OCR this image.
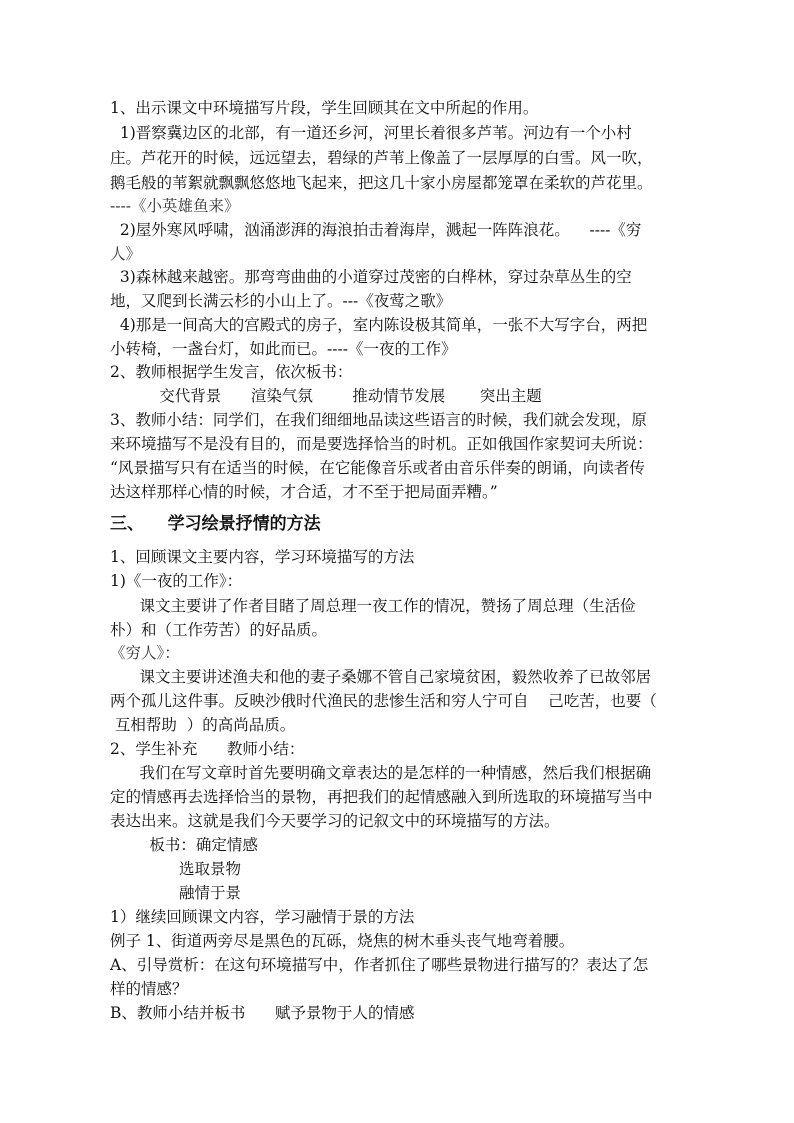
1、出示课文中环境描写片段，学生回顾其在文中所起的作用。
1)晋察冀边区的北部，有一道还乡河，河里长着很多芦苇。河边有一个小村
庄。芦花开的时候，远远望去，碧绿的芦苇上像盖了一层厚厚的白雪。风一吹，
鹅毛般的苇絮就飘飘悠悠地飞起来，把这几十家小房屋都笼罩在柔软的芦花里。
----《小英雄鱼来》
2)屋外寒风呼啸，汹涌澎湃的海浪拍击着海岸，溅起一阵阵浪花。    ----《穷
人》
3)森林越来越密。那弯弯曲曲的小道穿过茂密的白桦林，穿过杂草丛生的空
地，又爬到长满云杉的小山上了。---《夜莺之歌》
4)那是一间高大的宫殿式的房子，室内陈设极其简单，一张不大写字台，两把
小转椅，一盏台灯，如此而已。----《一夜的工作》
2、教师根据学生发言，依次板书：
交代背景      渲染气氛        推动情节发展       突出主题
3、教师小结：同学们，在我们细细地品读这些语言的时候，我们就会发现，原
来环境描写不是没有目的，而是要选择恰当的时机。正如俄国作家契诃夫所说：
“风景描写只有在适当的时候，在它能像音乐或者由音乐伴奏的朗诵，向读者传
达这样那样心情的时候，才合适，才不至于把局面弄糟。”
三、    学习绘景抒情的方法
1、回顾课文主要内容，学习环境描写的方法
1)《一夜的工作》：
课文主要讲了作者目睹了周总理一夜工作的情况，赞扬了周总理（生活俭
朴）和（工作劳苦）的好品质。
《穷人》：
课文主要讲述渔夫和他的妻子桑娜不管自己家境贫困，毅然收养了已故邻居
两个孤儿这件事。反映沙俄时代渔民的悲惨生活和穷人宁可自    己吃苦，也要（
互相帮助  ）的高尚品质。
2、学生补充      教师小结：
我们在写文章时首先要明确文章表达的是怎样的一种情感，然后我们根据确
定的情感再去选择恰当的景物，再把我们的起情感融入到所选取的环境描写当中
表达出来。这就是我们今天要学习的记叙文中的环境描写的方法。
板书：确定情感
选取景物
融情于景
1）继续回顾课文内容，学习融情于景的方法
例子 1、街道两旁尽是黑色的瓦砾，烧焦的树木垂头丧气地弯着腰。
A、引导赏析：在这句环境描写中，作者抓住了哪些景物进行描写的？表达了怎
样的情感？
B、教师小结并板书      赋予景物于人的情感
